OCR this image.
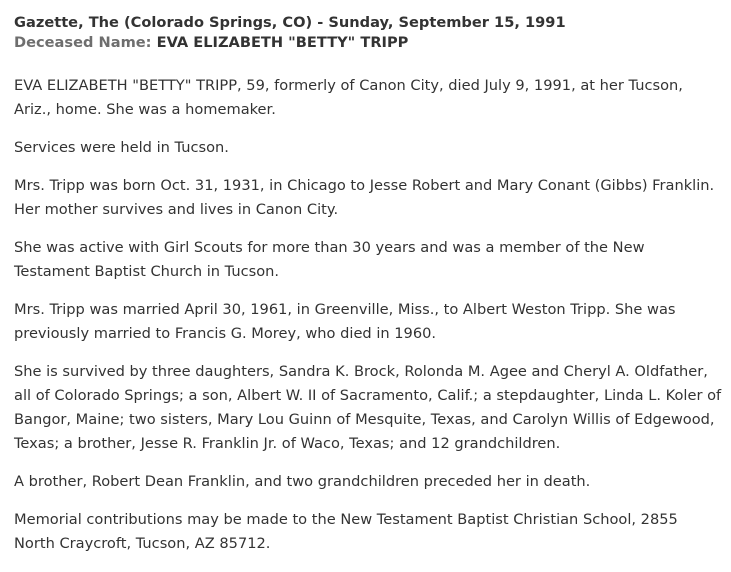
Gazette, The (Colorado Springs, CO) - Sunday, September 15, 1991
Deceased Name: EVA ELIZABETH "BETTY" TRIPP

EVA ELIZABETH "BETTY" TRIPP, 59, formerly of Canon City, died July 9, 1991, at her Tucson, Ariz., home. She was a homemaker.

Services were held in Tucson.

Mrs. Tripp was born Oct. 31, 1931, in Chicago to Jesse Robert and Mary Conant (Gibbs) Franklin. Her mother survives and lives in Canon City.

She was active with Girl Scouts for more than 30 years and was a member of the New Testament Baptist Church in Tucson.

Mrs. Tripp was married April 30, 1961, in Greenville, Miss., to Albert Weston Tripp. She was previously married to Francis G. Morey, who died in 1960.

She is survived by three daughters, Sandra K. Brock, Rolonda M. Agee and Cheryl A. Oldfather, all of Colorado Springs; a son, Albert W. II of Sacramento, Calif.; a stepdaughter, Linda L. Koler of Bangor, Maine; two sisters, Mary Lou Guinn of Mesquite, Texas, and Carolyn Willis of Edgewood, Texas; a brother, Jesse R. Franklin Jr. of Waco, Texas; and 12 grandchildren.

A brother, Robert Dean Franklin, and two grandchildren preceded her in death.

Memorial contributions may be made to the New Testament Baptist Christian School, 2855 North Craycroft, Tucson, AZ 85712.
